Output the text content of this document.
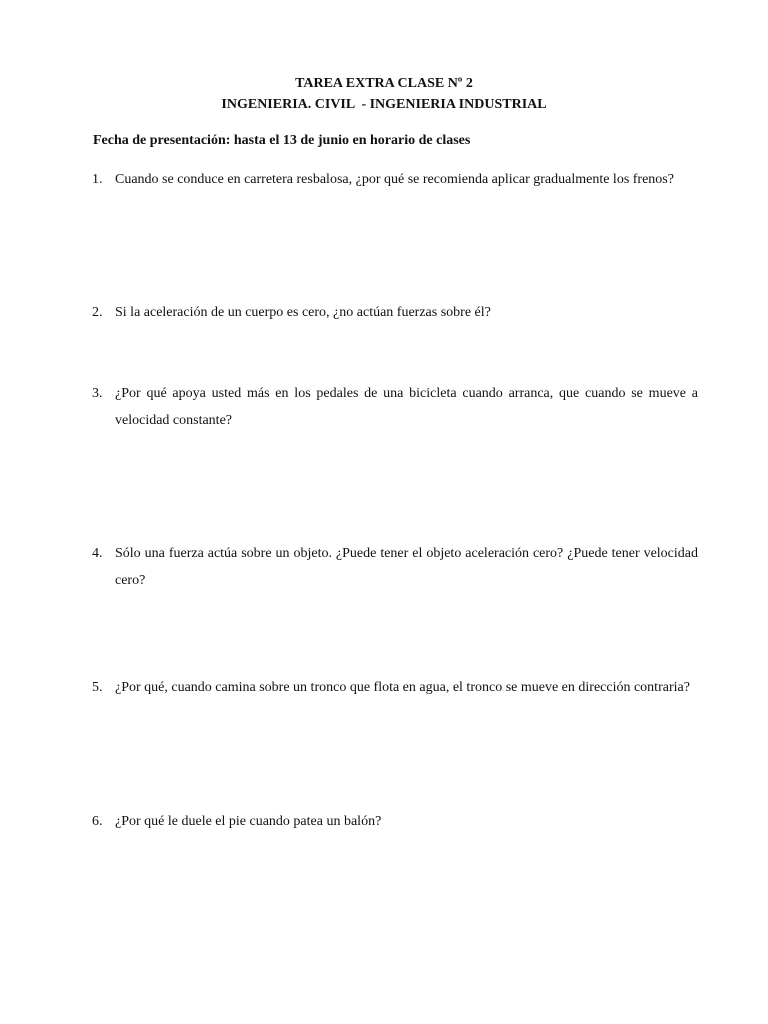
TAREA EXTRA CLASE Nº 2
INGENIERIA. CIVIL  - INGENIERIA INDUSTRIAL
Fecha de presentación: hasta el 13 de junio en horario de clases
1. Cuando se conduce en carretera resbalosa, ¿por qué se recomienda aplicar gradualmente los frenos?
2. Si la aceleración de un cuerpo es cero, ¿no actúan fuerzas sobre él?
3. ¿Por qué apoya usted más en los pedales de una bicicleta cuando arranca, que cuando se mueve a velocidad constante?
4. Sólo una fuerza actúa sobre un objeto. ¿Puede tener el objeto aceleración cero? ¿Puede tener velocidad cero?
5. ¿Por qué, cuando camina sobre un tronco que flota en agua, el tronco se mueve en dirección contraria?
6. ¿Por qué le duele el pie cuando patea un balón?
